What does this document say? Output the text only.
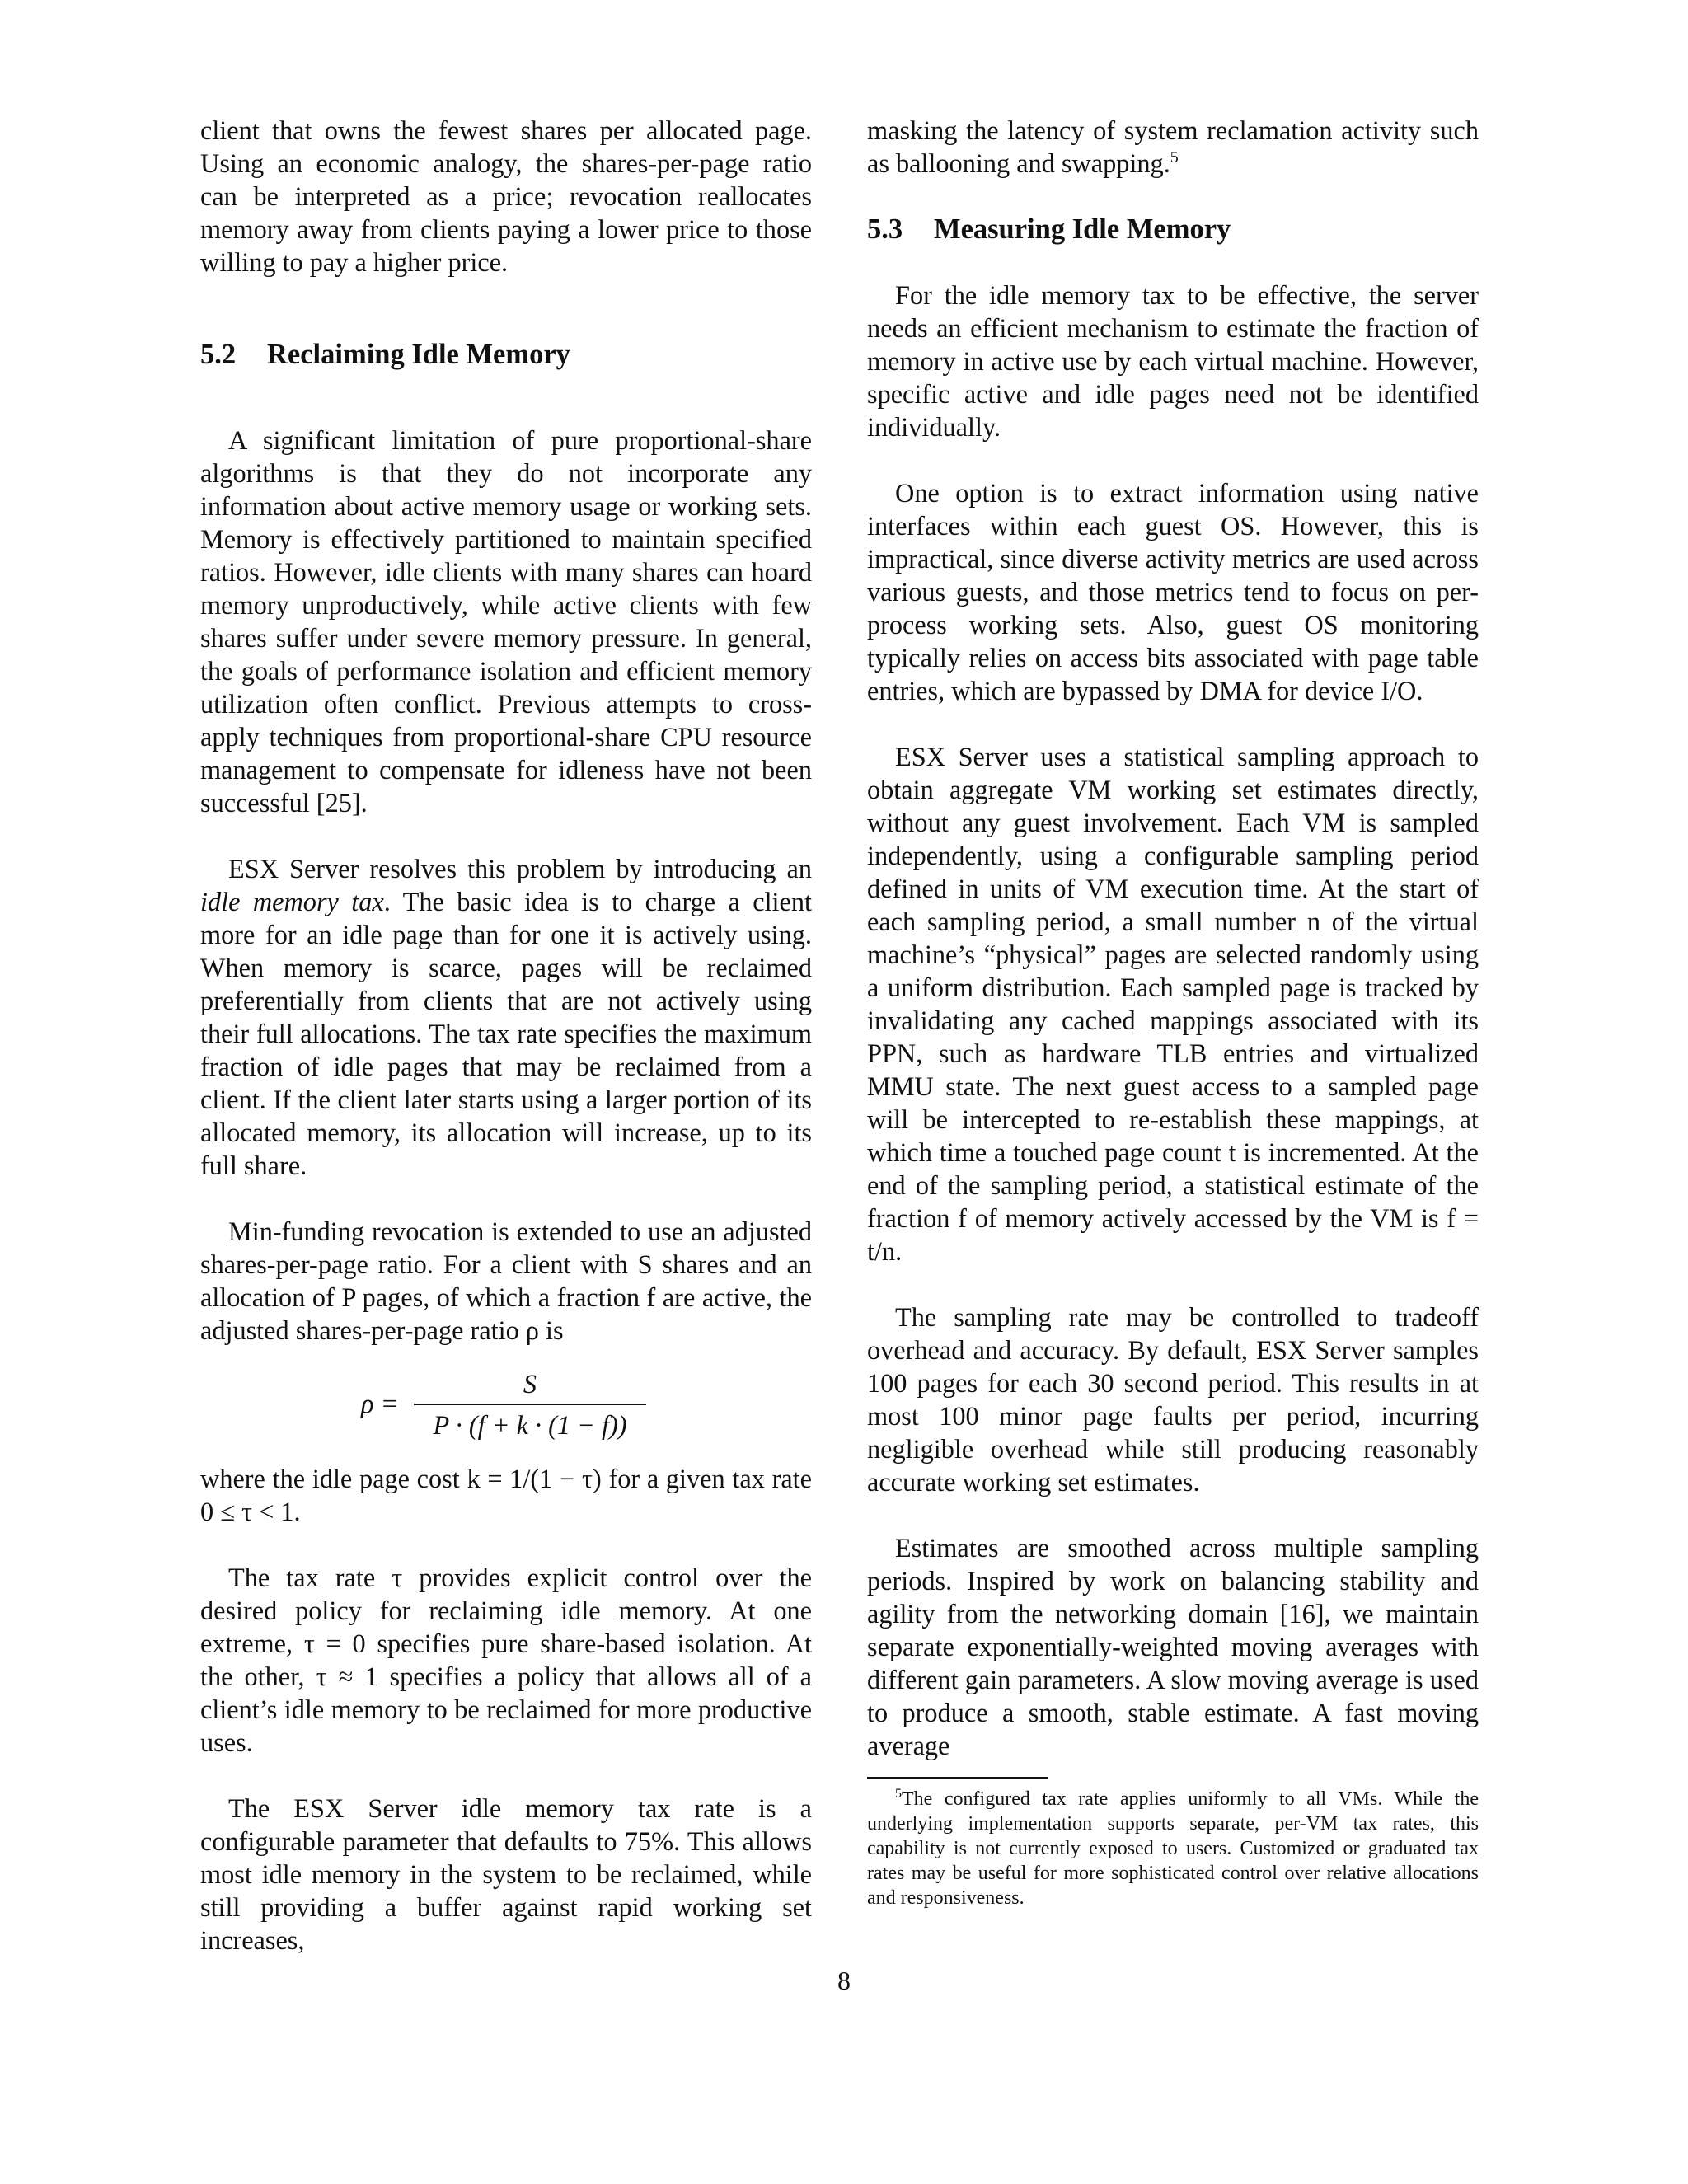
client that owns the fewest shares per allocated page. Using an economic analogy, the shares-per-page ratio can be interpreted as a price; revocation reallocates memory away from clients paying a lower price to those willing to pay a higher price.

5.2 Reclaiming Idle Memory

A significant limitation of pure proportional-share algorithms is that they do not incorporate any information about active memory usage or working sets. Memory is effectively partitioned to maintain specified ratios. However, idle clients with many shares can hoard memory unproductively, while active clients with few shares suffer under severe memory pressure. In general, the goals of performance isolation and efficient memory utilization often conflict. Previous attempts to cross-apply techniques from proportional-share CPU resource management to compensate for idleness have not been successful [25].

ESX Server resolves this problem by introducing an idle memory tax. The basic idea is to charge a client more for an idle page than for one it is actively using. When memory is scarce, pages will be reclaimed preferentially from clients that are not actively using their full allocations. The tax rate specifies the maximum fraction of idle pages that may be reclaimed from a client. If the client later starts using a larger portion of its allocated memory, its allocation will increase, up to its full share.

Min-funding revocation is extended to use an adjusted shares-per-page ratio. For a client with S shares and an allocation of P pages, of which a fraction f are active, the adjusted shares-per-page ratio ρ is

ρ =
S
P · (f + k · (1 − f))

where the idle page cost k = 1/(1 − τ) for a given tax rate 0 ≤ τ < 1.

The tax rate τ provides explicit control over the desired policy for reclaiming idle memory. At one extreme, τ = 0 specifies pure share-based isolation. At the other, τ ≈ 1 specifies a policy that allows all of a client’s idle memory to be reclaimed for more productive uses.

The ESX Server idle memory tax rate is a configurable parameter that defaults to 75%. This allows most idle memory in the system to be reclaimed, while still providing a buffer against rapid working set increases,

masking the latency of system reclamation activity such as ballooning and swapping.$^5$

5.3 Measuring Idle Memory

For the idle memory tax to be effective, the server needs an efficient mechanism to estimate the fraction of memory in active use by each virtual machine. However, specific active and idle pages need not be identified individually.

One option is to extract information using native interfaces within each guest OS. However, this is impractical, since diverse activity metrics are used across various guests, and those metrics tend to focus on per-process working sets. Also, guest OS monitoring typically relies on access bits associated with page table entries, which are bypassed by DMA for device I/O.

ESX Server uses a statistical sampling approach to obtain aggregate VM working set estimates directly, without any guest involvement. Each VM is sampled independently, using a configurable sampling period defined in units of VM execution time. At the start of each sampling period, a small number n of the virtual machine’s “physical” pages are selected randomly using a uniform distribution. Each sampled page is tracked by invalidating any cached mappings associated with its PPN, such as hardware TLB entries and virtualized MMU state. The next guest access to a sampled page will be intercepted to re-establish these mappings, at which time a touched page count t is incremented. At the end of the sampling period, a statistical estimate of the fraction f of memory actively accessed by the VM is f = t/n.

The sampling rate may be controlled to tradeoff overhead and accuracy. By default, ESX Server samples 100 pages for each 30 second period. This results in at most 100 minor page faults per period, incurring negligible overhead while still producing reasonably accurate working set estimates.

Estimates are smoothed across multiple sampling periods. Inspired by work on balancing stability and agility from the networking domain [16], we maintain separate exponentially-weighted moving averages with different gain parameters. A slow moving average is used to produce a smooth, stable estimate. A fast moving average

$^5$The configured tax rate applies uniformly to all VMs. While the underlying implementation supports separate, per-VM tax rates, this capability is not currently exposed to users. Customized or graduated tax rates may be useful for more sophisticated control over relative allocations and responsiveness.

8
